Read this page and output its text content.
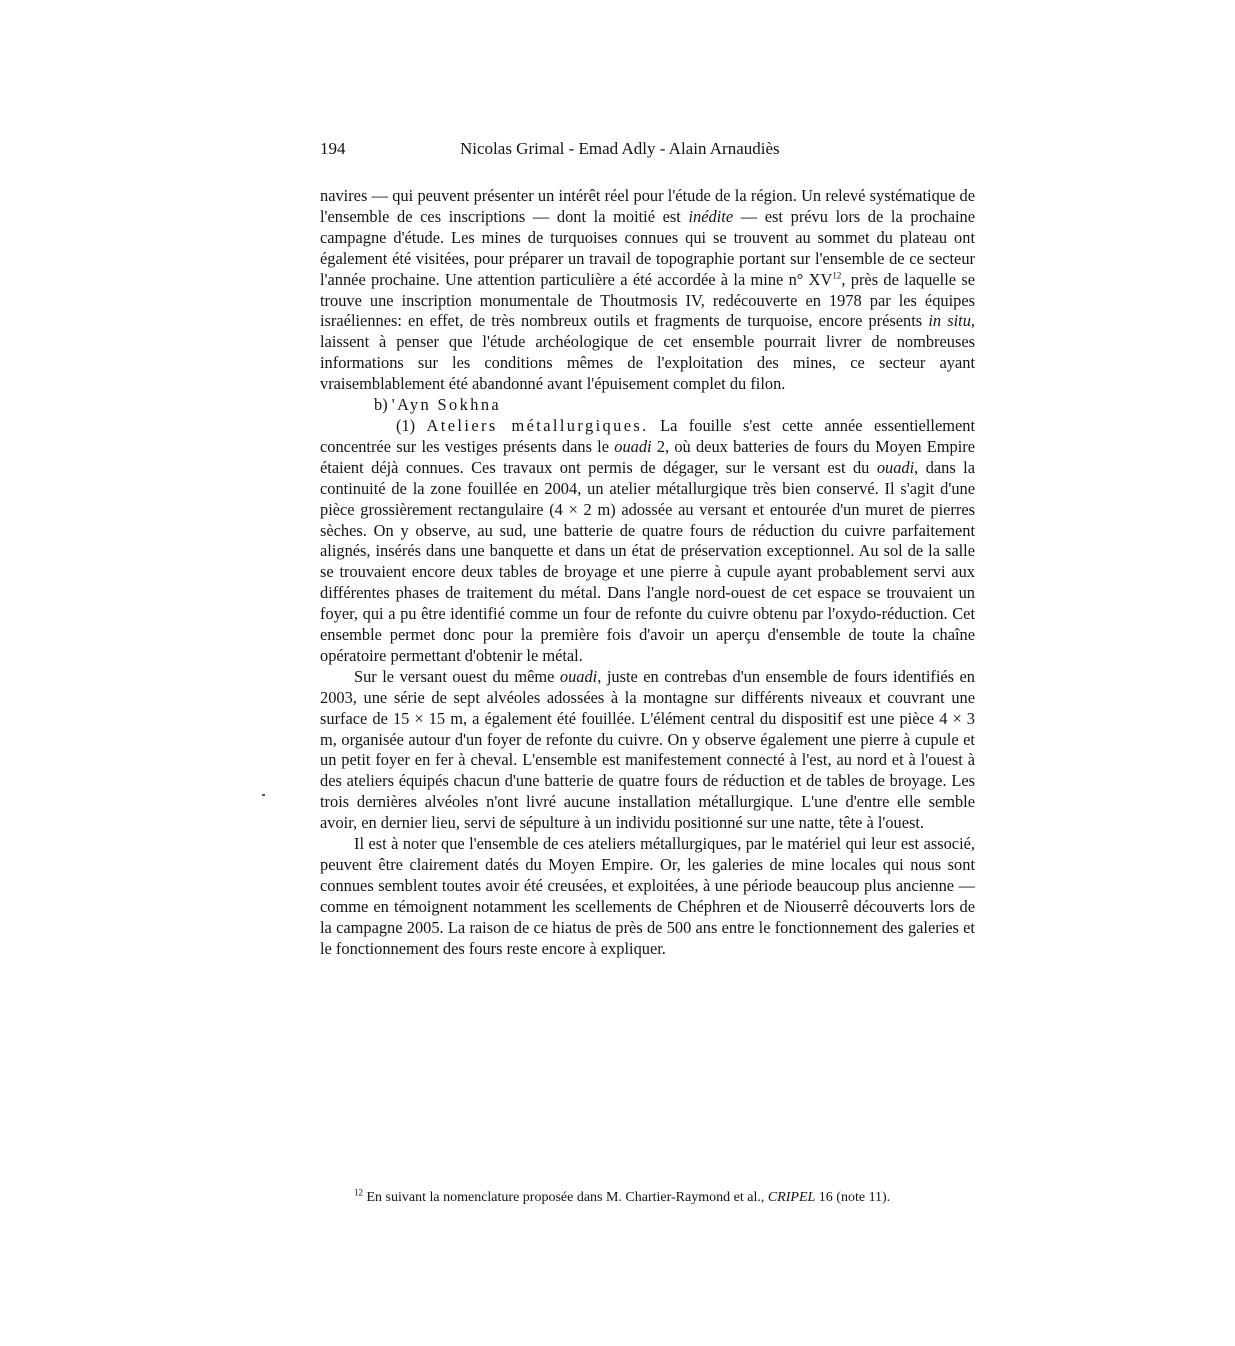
194	Nicolas Grimal - Emad Adly - Alain Arnaudiès

navires — qui peuvent présenter un intérêt réel pour l'étude de la région. Un relevé systématique de l'ensemble de ces inscriptions — dont la moitié est inédite — est prévu lors de la prochaine campagne d'étude. Les mines de turquoises connues qui se trouvent au sommet du plateau ont également été visitées, pour préparer un travail de topographie portant sur l'ensemble de ce secteur l'année prochaine. Une attention particulière a été accordée à la mine n° XV$^{12}$, près de laquelle se trouve une inscription monumentale de Thoutmosis IV, redécouverte en 1978 par les équipes israéliennes: en effet, de très nombreux outils et fragments de turquoise, encore présents in situ, laissent à penser que l'étude archéologique de cet ensemble pourrait livrer de nombreuses informations sur les conditions mêmes de l'exploitation des mines, ce secteur ayant vraisemblablement été abandonné avant l'épuisement complet du filon.

b) 'Ayn Sokhna

(1) Ateliers métallurgiques. La fouille s'est cette année essentiellement concentrée sur les vestiges présents dans le ouadi 2, où deux batteries de fours du Moyen Empire étaient déjà connues. Ces travaux ont permis de dégager, sur le versant est du ouadi, dans la continuité de la zone fouillée en 2004, un atelier métallurgique très bien conservé. Il s'agit d'une pièce grossièrement rectangulaire (4 × 2 m) adossée au versant et entourée d'un muret de pierres sèches. On y observe, au sud, une batterie de quatre fours de réduction du cuivre parfaitement alignés, insérés dans une banquette et dans un état de préservation exceptionnel. Au sol de la salle se trouvaient encore deux tables de broyage et une pierre à cupule ayant probablement servi aux différentes phases de traitement du métal. Dans l'angle nord-ouest de cet espace se trouvaient un foyer, qui a pu être identifié comme un four de refonte du cuivre obtenu par l'oxydo-réduction. Cet ensemble permet donc pour la première fois d'avoir un aperçu d'ensemble de toute la chaîne opératoire permettant d'obtenir le métal.

Sur le versant ouest du même ouadi, juste en contrebas d'un ensemble de fours identifiés en 2003, une série de sept alvéoles adossées à la montagne sur différents niveaux et couvrant une surface de 15 × 15 m, a également été fouillée. L'élément central du dispositif est une pièce 4 × 3 m, organisée autour d'un foyer de refonte du cuivre. On y observe également une pierre à cupule et un petit foyer en fer à cheval. L'ensemble est manifestement connecté à l'est, au nord et à l'ouest à des ateliers équipés chacun d'une batterie de quatre fours de réduction et de tables de broyage. Les trois dernières alvéoles n'ont livré aucune installation métallurgique. L'une d'entre elle semble avoir, en dernier lieu, servi de sépulture à un individu positionné sur une natte, tête à l'ouest.

Il est à noter que l'ensemble de ces ateliers métallurgiques, par le matériel qui leur est associé, peuvent être clairement datés du Moyen Empire. Or, les galeries de mine locales qui nous sont connues semblent toutes avoir été creusées, et exploitées, à une période beaucoup plus ancienne — comme en témoignent notamment les scellements de Chéphren et de Niouserrê découverts lors de la campagne 2005. La raison de ce hiatus de près de 500 ans entre le fonctionnement des galeries et le fonctionnement des fours reste encore à expliquer.

$^{12}$ En suivant la nomenclature proposée dans M. Chartier-Raymond et al., CRIPEL 16 (note 11).
